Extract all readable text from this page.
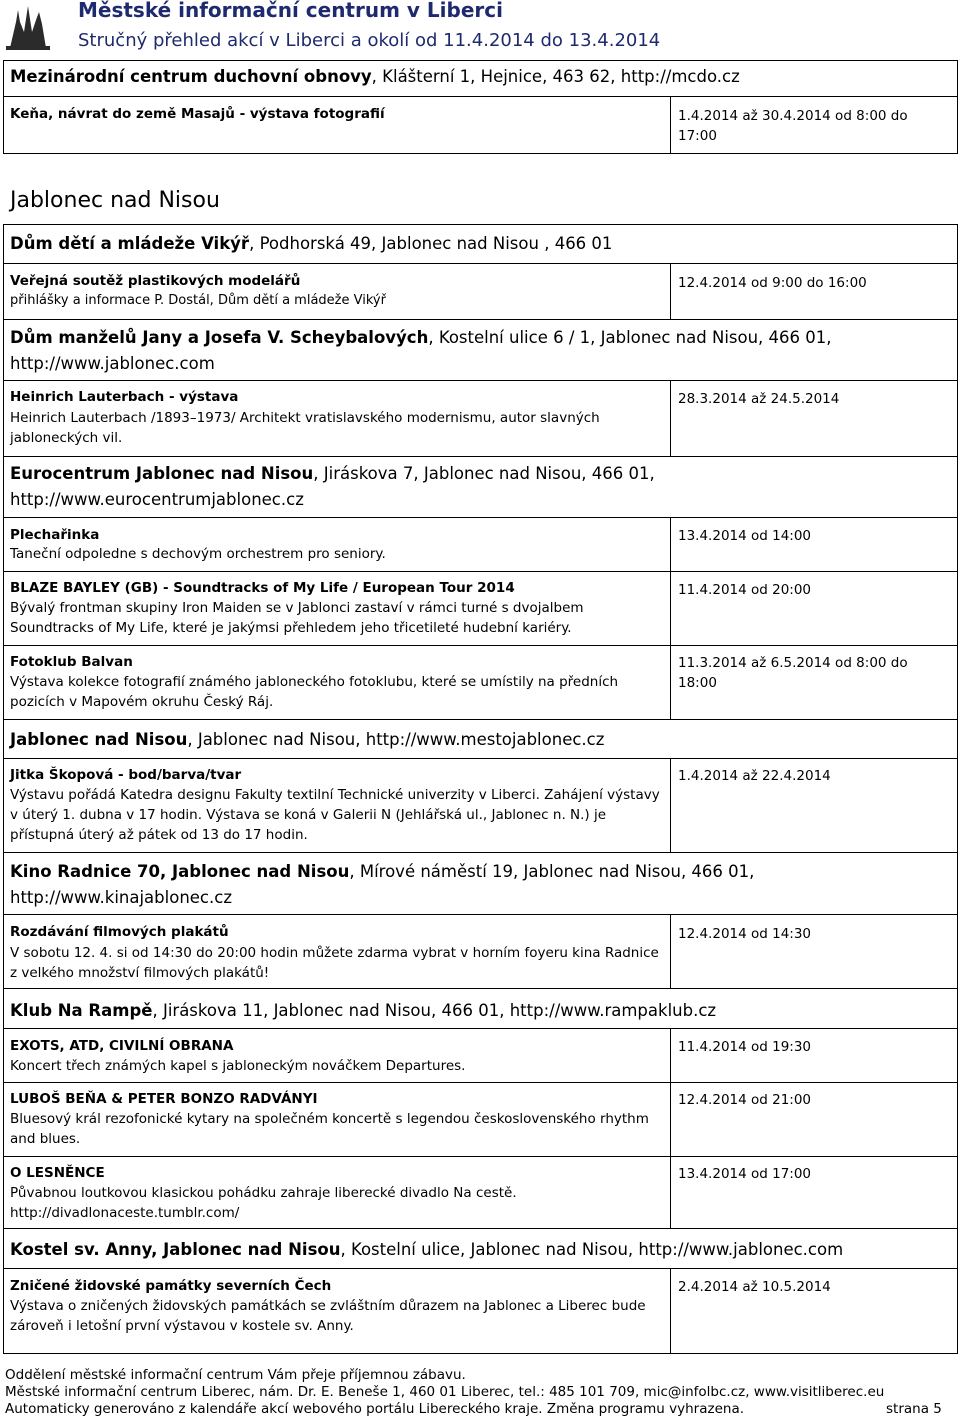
Městské informační centrum v Liberci
Stručný přehled akcí v Liberci a okolí od 11.4.2014 do 13.4.2014
Mezinárodní centrum duchovní obnovy, Klášterní 1, Hejnice, 463 62, http://mcdo.cz
Keňa, návrat do země Masajů - výstava fotografií	1.4.2014 až 30.4.2014 od 8:00 do 17:00
Jablonec nad Nisou
Dům dětí a mládeže Vikýř, Podhorská 49, Jablonec nad Nisou , 466 01
Veřejná soutěž plastikových modelářů
přihlášky a informace P. Dostál, Dům dětí a mládeže Vikýř
12.4.2014 od 9:00 do 16:00
Dům manželů Jany a Josefa V. Scheybalových, Kostelní ulice 6 / 1, Jablonec nad Nisou, 466 01, http://www.jablonec.com
Heinrich Lauterbach - výstava
Heinrich Lauterbach /1893–1973/ Architekt vratislavského modernismu, autor slavných jabloneckých vil.
28.3.2014 až 24.5.2014
Eurocentrum Jablonec nad Nisou, Jiráskova 7, Jablonec nad Nisou, 466 01, http://www.eurocentrumjablonec.cz
Plechařinka
Taneční odpoledne s dechovým orchestrem pro seniory.
13.4.2014 od 14:00
BLAZE BAYLEY (GB) - Soundtracks of My Life / European Tour 2014
Bývalý frontman skupiny Iron Maiden se v Jablonci zastaví v rámci turné s dvojalbem Soundtracks of My Life, které je jakýmsi přehledem jeho třicetileté hudební kariéry.
11.4.2014 od 20:00
Fotoklub Balvan
Výstava kolekce fotografií známého jabloneckého fotoklubu, které se umístily na předních pozicích v Mapovém okruhu Český Ráj.
11.3.2014 až 6.5.2014 od 8:00 do 18:00
Jablonec nad Nisou, Jablonec nad Nisou, http://www.mestojablonec.cz
Jitka Škopová - bod/barva/tvar
Výstavu pořádá Katedra designu Fakulty textilní Technické univerzity v Liberci. Zahájení výstavy v úterý 1. dubna v 17 hodin. Výstava se koná v Galerii N (Jehlářská ul., Jablonec n. N.) je přístupná úterý až pátek od 13 do 17 hodin.
1.4.2014 až 22.4.2014
Kino Radnice 70, Jablonec nad Nisou, Mírové náměstí 19, Jablonec nad Nisou, 466 01, http://www.kinajablonec.cz
Rozdávání filmových plakátů
V sobotu 12. 4. si od 14:30 do 20:00 hodin můžete zdarma vybrat v horním foyeru kina Radnice z velkého množství filmových plakátů!
12.4.2014 od 14:30
Klub Na Rampě, Jiráskova 11, Jablonec nad Nisou, 466 01, http://www.rampaklub.cz
EXOTS, ATD, CIVILNÍ OBRANA
Koncert třech známých kapel s jabloneckým nováčkem Departures.
11.4.2014 od 19:30
LUBOŠ BEŇA & PETER BONZO RADVÁNYI
Bluesový král rezofonické kytary na společném koncertě s legendou československého rhythm and blues.
12.4.2014 od 21:00
O LESNĚNCE
Půvabnou loutkovou klasickou pohádku zahraje liberecké divadlo Na cestě. http://divadlonaceste.tumblr.com/
13.4.2014 od 17:00
Kostel sv. Anny, Jablonec nad Nisou, Kostelní ulice, Jablonec nad Nisou, http://www.jablonec.com
Zničené židovské památky severních Čech
Výstava o zničených židovských památkách se zvláštním důrazem na Jablonec a Liberec bude zároveň i letošní první výstavou v kostele sv. Anny.
2.4.2014 až 10.5.2014
Oddělení městské informační centrum Vám přeje příjemnou zábavu.
Městské informační centrum Liberec, nám. Dr. E. Beneše 1, 460 01 Liberec, tel.: 485 101 709, mic@infolbc.cz, www.visitliberec.eu
Automaticky generováno z kalendáře akcí webového portálu Libereckého kraje. Změna programu vyhrazena.	strana 5
